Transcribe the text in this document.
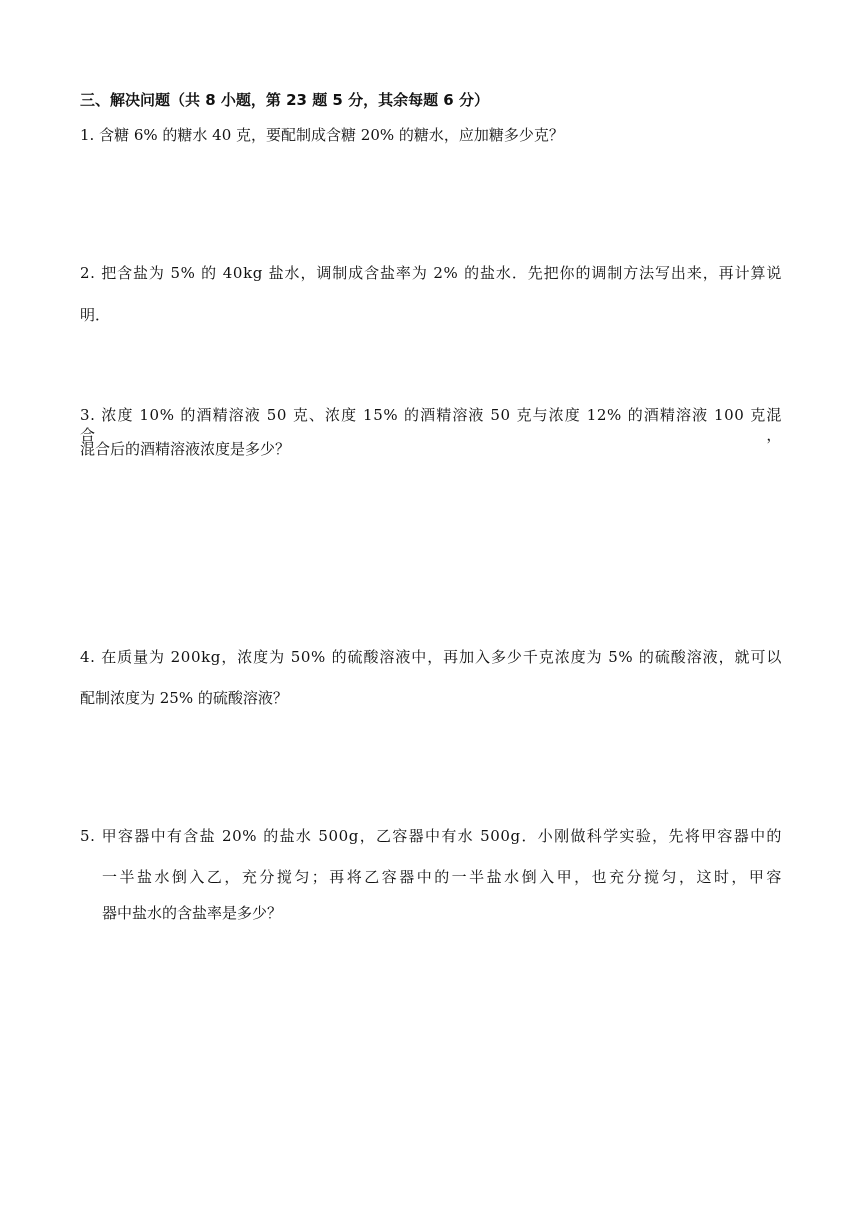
三、解决问题（共 8 小题，第 23 题 5 分，其余每题 6 分）
1. 含糖 6% 的糖水 40 克，要配制成含糖 20% 的糖水，应加糖多少克？
2. 把含盐为 5% 的 40kg 盐水，调制成含盐率为 2% 的盐水．先把你的调制方法写出来，再计算说
明．
3. 浓度 10% 的酒精溶液 50 克、浓度 15% 的酒精溶液 50 克与浓度 12% 的酒精溶液 100 克混合，
混合后的酒精溶液浓度是多少？
4. 在质量为 200kg，浓度为 50% 的硫酸溶液中，再加入多少千克浓度为 5% 的硫酸溶液，就可以
配制浓度为 25% 的硫酸溶液？
5. 甲容器中有含盐 20% 的盐水 500g，乙容器中有水 500g．小刚做科学实验，先将甲容器中的
一半盐水倒入乙，充分搅匀；再将乙容器中的一半盐水倒入甲，也充分搅匀，这时，甲容
器中盐水的含盐率是多少？
